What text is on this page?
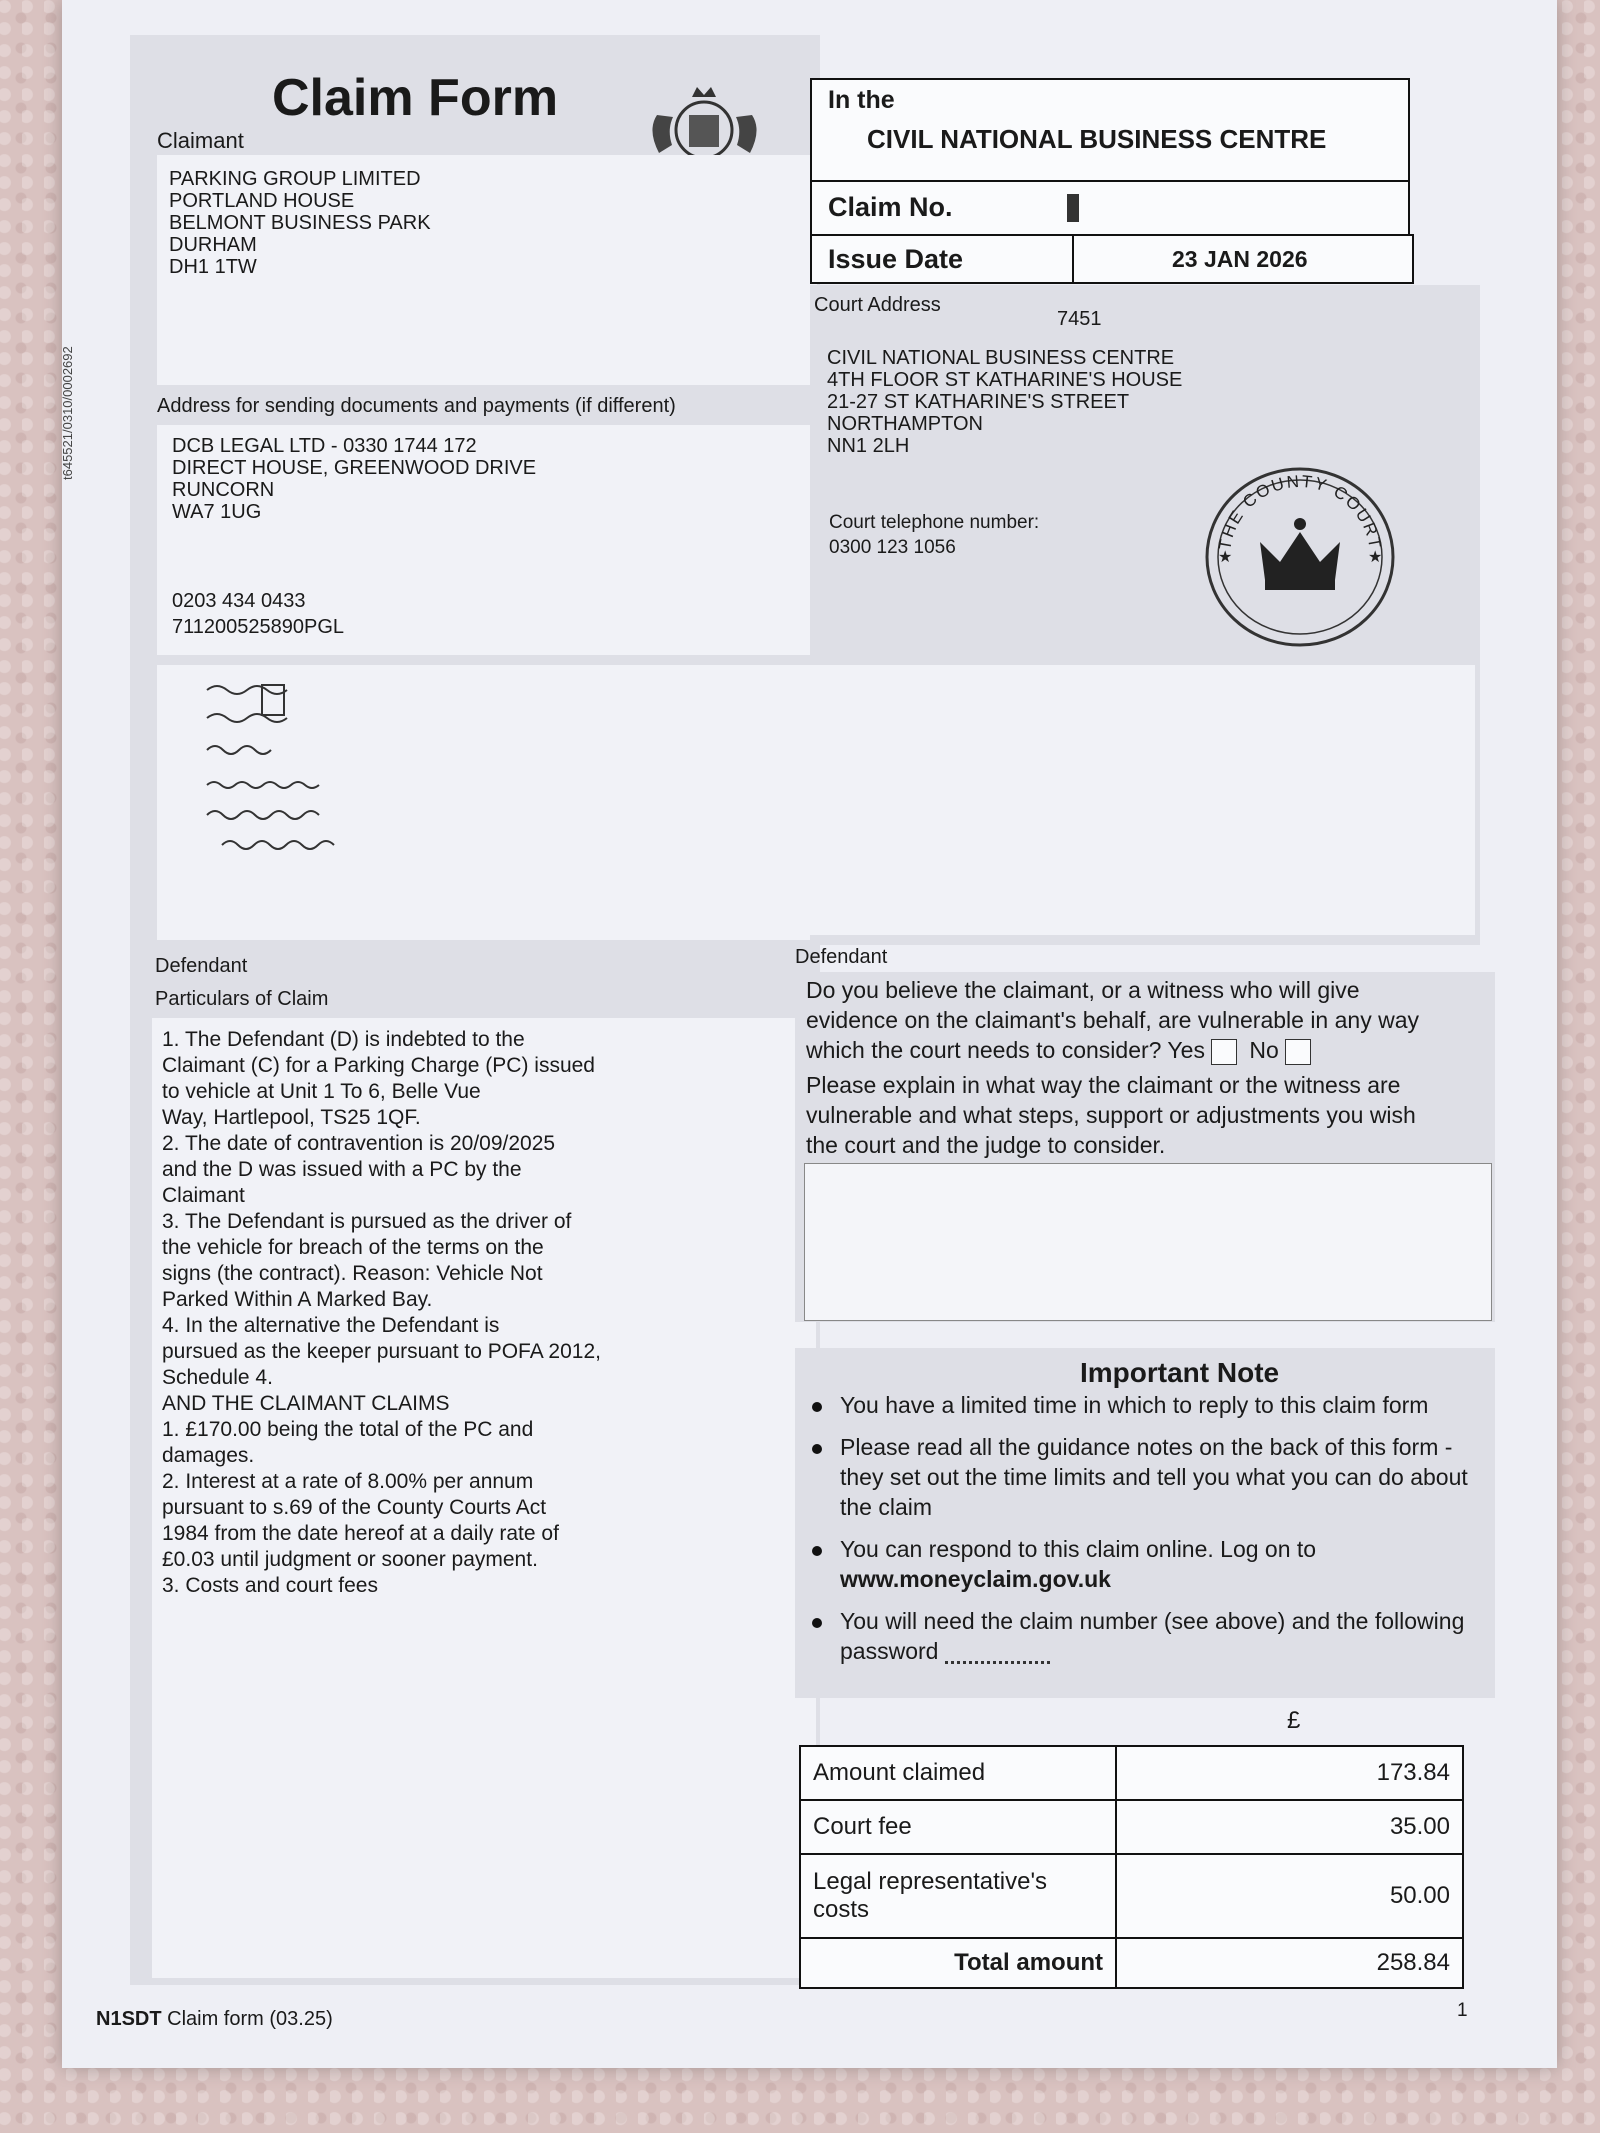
t645521/0310/0002692
Claim Form
Claimant
PARKING GROUP LIMITED
PORTLAND HOUSE
BELMONT BUSINESS PARK
DURHAM
DH1 1TW
Address for sending documents and payments (if different)
DCB LEGAL LTD - 0330 1744 172
DIRECT HOUSE, GREENWOOD DRIVE
RUNCORN
WA7 1UG
0203 434 0433
711200525890PGL
Defendant
Particulars of Claim
1. The Defendant (D) is indebted to the
Claimant (C) for a Parking Charge (PC) issued
to vehicle at Unit 1 To 6, Belle Vue
Way, Hartlepool, TS25 1QF.
2. The date of contravention is 20/09/2025
and the D was issued with a PC by the
Claimant
3. The Defendant is pursued as the driver of
the vehicle for breach of the terms on the
signs (the contract). Reason: Vehicle Not
Parked Within A Marked Bay.
4. In the alternative the Defendant is
pursued as the keeper pursuant to POFA 2012,
Schedule 4.
AND THE CLAIMANT CLAIMS
1. £170.00 being the total of the PC and
damages.
2. Interest at a rate of 8.00% per annum
pursuant to s.69 of the County Courts Act
1984 from the date hereof at a daily rate of
£0.03 until judgment or sooner payment.
3. Costs and court fees
In the
CIVIL NATIONAL BUSINESS CENTRE
Claim No.
Issue Date	23 JAN 2026
Court Address
7451
CIVIL NATIONAL BUSINESS CENTRE
4TH FLOOR ST KATHARINE'S HOUSE
21-27 ST KATHARINE'S STREET
NORTHAMPTON
NN1 2LH
Court telephone number:
0300 123 1056	THE COUNTY COURT
★	★
Defendant
Do you believe the claimant, or a witness who will give evidence on the claimant's behalf, are vulnerable in any way which the court needs to consider? Yes No
Please explain in what way the claimant or the witness are vulnerable and what steps, support or adjustments you wish the court and the judge to consider.
Important Note
You have a limited time in which to reply to this claim form
Please read all the guidance notes on the back of this form - they set out the time limits and tell you what you can do about the claim
You can respond to this claim online. Log on to
www.moneyclaim.gov.uk
You will need the claim number (see above) and the following password
£
Amount claimed	173.84
Court fee	35.00
Legal representative's costs	50.00
Total amount	258.84
N1SDT Claim form (03.25)	1
